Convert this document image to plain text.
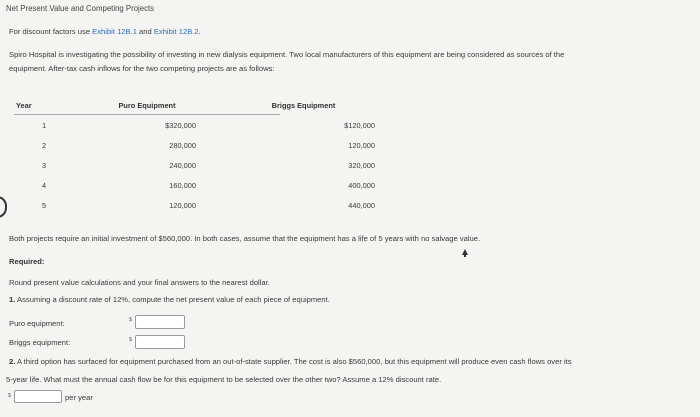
Net Present Value and Competing Projects
For discount factors use Exhibit 12B.1 and Exhibit 12B.2.
Spiro Hospital is investigating the possibility of investing in new dialysis equipment. Two local manufacturers of this equipment are being considered as sources of the
equipment. After-tax cash inflows for the two competing projects are as follows:
Year	Puro Equipment	Briggs Equipment
1	$320,000	$120,000
2	280,000	120,000
3	240,000	320,000
4	160,000	400,000
5	120,000	440,000
Both projects require an initial investment of $560,000. In both cases, assume that the equipment has a life of 5 years with no salvage value.
Required:
Round present value calculations and your final answers to the nearest dollar.
1. Assuming a discount rate of 12%, compute the net present value of each piece of equipment.
Puro equipment:	$
Briggs equipment:	$
2. A third option has surfaced for equipment purchased from an out-of-state supplier. The cost is also $560,000, but this equipment will produce even cash flows over its
5-year life. What must the annual cash flow be for this equipment to be selected over the other two? Assume a 12% discount rate.
$	per year
